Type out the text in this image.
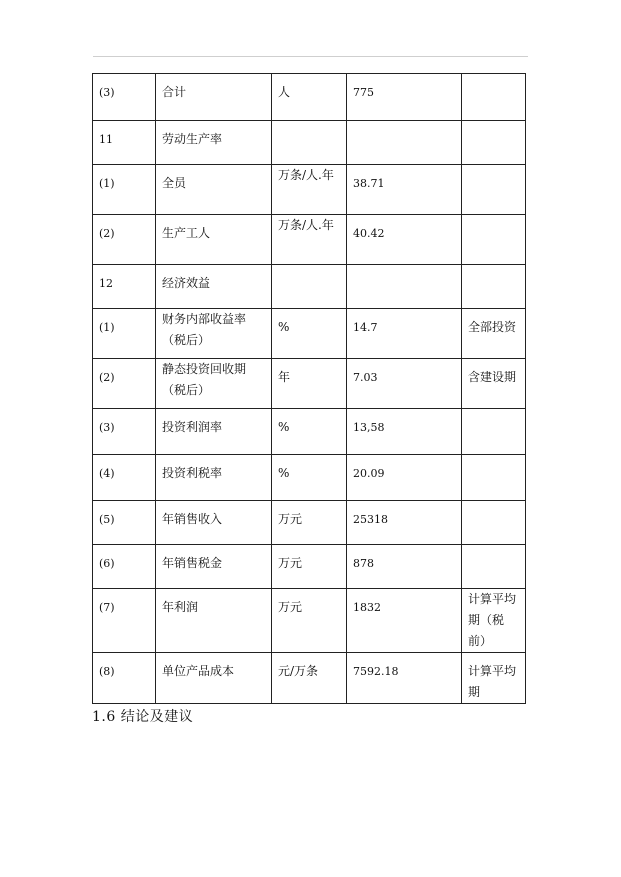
(3)	合计	人	775	
11	劳动生产率			
(1)	全员	万条/人.年	38.71	
(2)	生产工人	万条/人.年	40.42	
12	经济效益			
(1)	财务内部收益率（税后）	%	14.7	全部投资
(2)	静态投资回收期（税后）	年	7.03	含建设期
(3)	投资利润率	%	13,58	
(4)	投资利税率	%	20.09	
(5)	年销售收入	万元	25318	
(6)	年销售税金	万元	878	
(7)	年利润	万元	1832	计算平均期（税前）
(8)	单位产品成本	元/万条	7592.18	计算平均期
1.6 结论及建议
